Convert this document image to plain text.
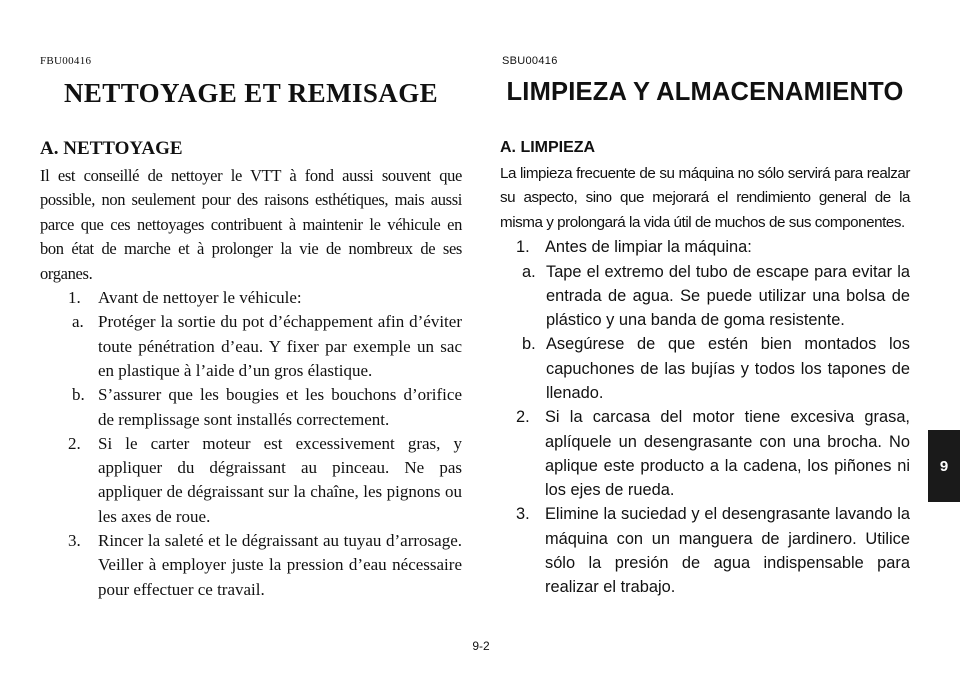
FBU00416
NETTOYAGE ET REMISAGE
A. NETTOYAGE
Il est conseillé de nettoyer le VTT à fond aussi souvent que possible, non seulement pour des raisons esthétiques, mais aussi parce que ces nettoyages contribuent à maintenir le véhicule en bon état de marche et à prolonger la vie de nombreux de ses organes.
1. Avant de nettoyer le véhicule:
a. Protéger la sortie du pot d’échappement afin d’éviter toute pénétration d’eau. Y fixer par exemple un sac en plastique à l’aide d’un gros élastique.
b. S’assurer que les bougies et les bouchons d’orifice de remplissage sont installés correctement.
2. Si le carter moteur est excessivement gras, y appliquer du dégraissant au pinceau. Ne pas appliquer de dégraissant sur la chaîne, les pignons ou les axes de roue.
3. Rincer la saleté et le dégraissant au tuyau d’arrosage. Veiller à employer juste la pression d’eau nécessaire pour effectuer ce travail.
SBU00416
LIMPIEZA Y ALMACENAMIENTO
A. LIMPIEZA
La limpieza frecuente de su máquina no sólo servirá para realzar su aspecto, sino que mejorará el rendimiento general de la misma y prolongará la vida útil de muchos de sus componentes.
1. Antes de limpiar la máquina:
a. Tape el extremo del tubo de escape para evitar la entrada de agua. Se puede utilizar una bolsa de plástico y una banda de goma resistente.
b. Asegúrese de que estén bien montados los capuchones de las bujías y todos los tapones de llenado.
2. Si la carcasa del motor tiene excesiva grasa, aplíquele un desengrasante con una brocha. No aplique este producto a la cadena, los piñones ni los ejes de rueda.
3. Elimine la suciedad y el desengrasante lavando la máquina con un manguera de jardinero. Utilice sólo la presión de agua indispensable para realizar el trabajo.
9-2
9
